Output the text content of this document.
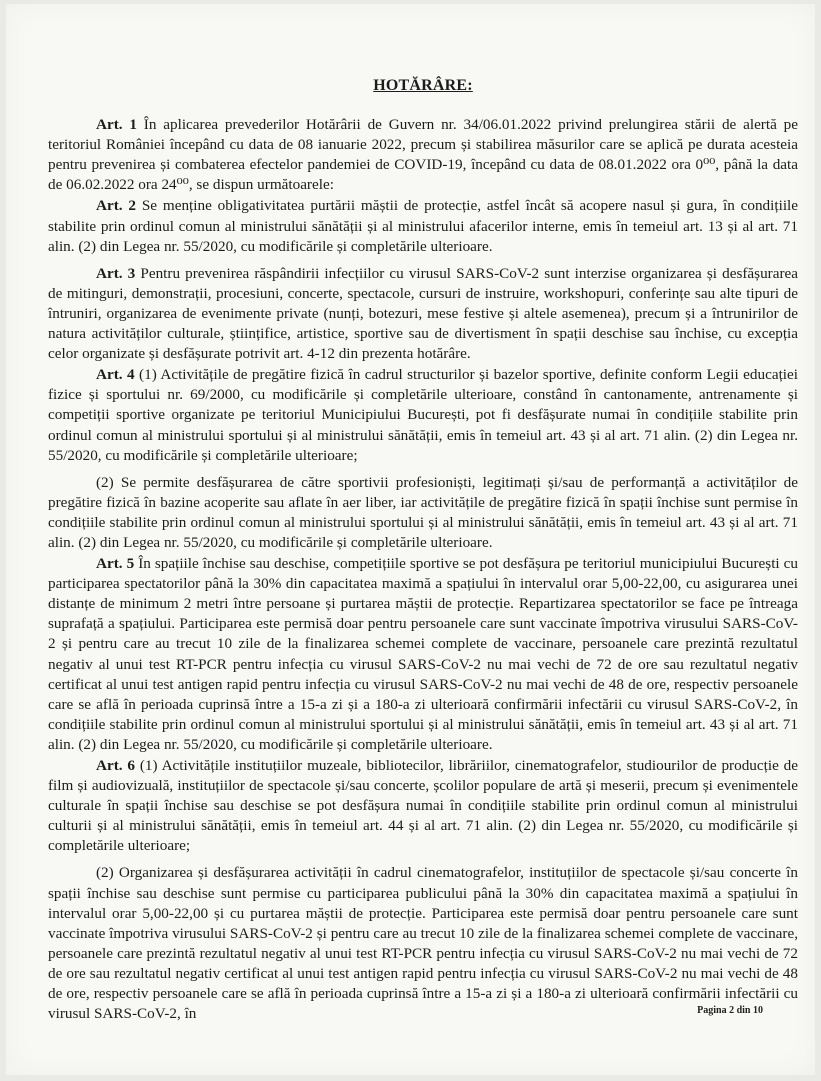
HOTĂRÂRE:

Art. 1 În aplicarea prevederilor Hotărârii de Guvern nr. 34/06.01.2022 privind prelungirea stării de alertă pe teritoriul României începând cu data de 08 ianuarie 2022, precum și stabilirea măsurilor care se aplică pe durata acesteia pentru prevenirea și combaterea efectelor pandemiei de COVID-19, începând cu data de 08.01.2022 ora 0⁰⁰, până la data de 06.02.2022 ora 24⁰⁰, se dispun următoarele:

Art. 2 Se menține obligativitatea purtării măștii de protecție, astfel încât să acopere nasul și gura, în condițiile stabilite prin ordinul comun al ministrului sănătății și al ministrului afacerilor interne, emis în temeiul art. 13 și al art. 71 alin. (2) din Legea nr. 55/2020, cu modificările și completările ulterioare.

Art. 3 Pentru prevenirea răspândirii infecțiilor cu virusul SARS-CoV-2 sunt interzise organizarea și desfășurarea de mitinguri, demonstrații, procesiuni, concerte, spectacole, cursuri de instruire, workshopuri, conferințe sau alte tipuri de întruniri, organizarea de evenimente private (nunți, botezuri, mese festive și altele asemenea), precum și a întrunirilor de natura activităților culturale, științifice, artistice, sportive sau de divertisment în spații deschise sau închise, cu excepția celor organizate și desfășurate potrivit art. 4-12 din prezenta hotărâre.

Art. 4 (1) Activitățile de pregătire fizică în cadrul structurilor și bazelor sportive, definite conform Legii educației fizice și sportului nr. 69/2000, cu modificările și completările ulterioare, constând în cantonamente, antrenamente și competiții sportive organizate pe teritoriul Municipiului București, pot fi desfășurate numai în condițiile stabilite prin ordinul comun al ministrului sportului și al ministrului sănătății, emis în temeiul art. 43 și al art. 71 alin. (2) din Legea nr. 55/2020, cu modificările și completările ulterioare;

(2) Se permite desfășurarea de către sportivii profesioniști, legitimați și/sau de performanță a activităților de pregătire fizică în bazine acoperite sau aflate în aer liber, iar activitățile de pregătire fizică în spații închise sunt permise în condițiile stabilite prin ordinul comun al ministrului sportului și al ministrului sănătății, emis în temeiul art. 43 și al art. 71 alin. (2) din Legea nr. 55/2020, cu modificările și completările ulterioare.

Art. 5 În spațiile închise sau deschise, competițiile sportive se pot desfășura pe teritoriul municipiului București cu participarea spectatorilor până la 30% din capacitatea maximă a spațiului în intervalul orar 5,00-22,00, cu asigurarea unei distanțe de minimum 2 metri între persoane și purtarea măștii de protecție. Repartizarea spectatorilor se face pe întreaga suprafață a spațiului. Participarea este permisă doar pentru persoanele care sunt vaccinate împotriva virusului SARS-CoV-2 și pentru care au trecut 10 zile de la finalizarea schemei complete de vaccinare, persoanele care prezintă rezultatul negativ al unui test RT-PCR pentru infecția cu virusul SARS-CoV-2 nu mai vechi de 72 de ore sau rezultatul negativ certificat al unui test antigen rapid pentru infecția cu virusul SARS-CoV-2 nu mai vechi de 48 de ore, respectiv persoanele care se află în perioada cuprinsă între a 15-a zi și a 180-a zi ulterioară confirmării infectării cu virusul SARS-CoV-2, în condițiile stabilite prin ordinul comun al ministrului sportului și al ministrului sănătății, emis în temeiul art. 43 și al art. 71 alin. (2) din Legea nr. 55/2020, cu modificările și completările ulterioare.

Art. 6 (1) Activitățile instituțiilor muzeale, bibliotecilor, librăriilor, cinematografelor, studiourilor de producție de film și audiovizuală, instituțiilor de spectacole și/sau concerte, școlilor populare de artă și meserii, precum și evenimentele culturale în spații închise sau deschise se pot desfășura numai în condițiile stabilite prin ordinul comun al ministrului culturii și al ministrului sănătății, emis în temeiul art. 44 și al art. 71 alin. (2) din Legea nr. 55/2020, cu modificările și completările ulterioare;

(2) Organizarea și desfășurarea activității în cadrul cinematografelor, instituțiilor de spectacole și/sau concerte în spații închise sau deschise sunt permise cu participarea publicului până la 30% din capacitatea maximă a spațiului în intervalul orar 5,00-22,00 și cu purtarea măștii de protecție. Participarea este permisă doar pentru persoanele care sunt vaccinate împotriva virusului SARS-CoV-2 și pentru care au trecut 10 zile de la finalizarea schemei complete de vaccinare, persoanele care prezintă rezultatul negativ al unui test RT-PCR pentru infecția cu virusul SARS-CoV-2 nu mai vechi de 72 de ore sau rezultatul negativ certificat al unui test antigen rapid pentru infecția cu virusul SARS-CoV-2 nu mai vechi de 48 de ore, respectiv persoanele care se află în perioada cuprinsă între a 15-a zi și a 180-a zi ulterioară confirmării infectării cu virusul SARS-CoV-2, în	Pagina 2 din 10
